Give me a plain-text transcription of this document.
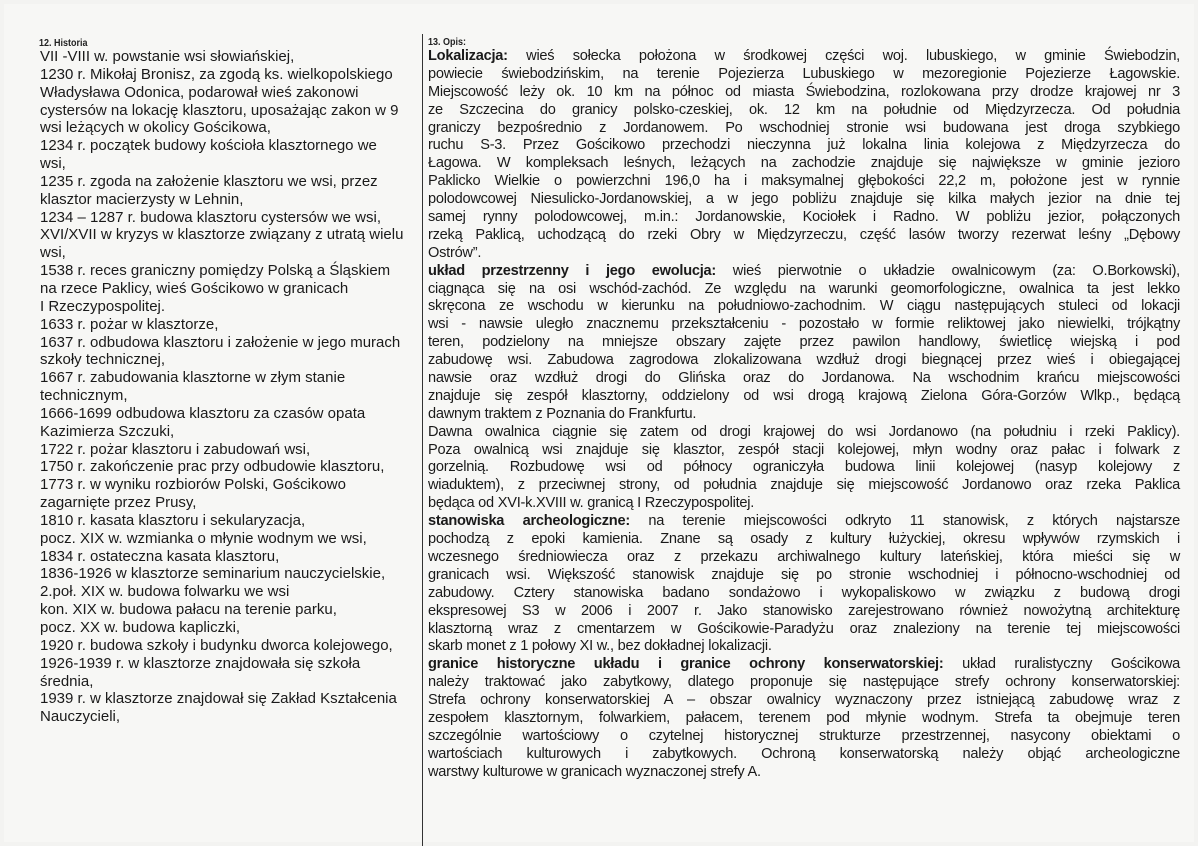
12. Historia	13. Opis:
VII -VIII w. powstanie wsi słowiańskiej,
1230 r. Mikołaj Bronisz, za zgodą ks. wielkopolskiego
Władysława Odonica, podarował wieś zakonowi
cystersów na lokację klasztoru, uposażając zakon w 9
wsi leżących w okolicy Gościkowa,
1234 r. początek budowy kościoła klasztornego we
wsi,
1235 r. zgoda na założenie klasztoru we wsi, przez
klasztor macierzysty w Lehnin,
1234 – 1287 r. budowa klasztoru cystersów we wsi,
XVI/XVII w kryzys w klasztorze związany z utratą wielu
wsi,
1538 r. reces graniczny pomiędzy Polską a Śląskiem
na rzece Paklicy, wieś Gościkowo w granicach
I Rzeczypospolitej.
1633 r. pożar w klasztorze,
1637 r. odbudowa klasztoru i założenie w jego murach
szkoły technicznej,
1667 r. zabudowania klasztorne w złym stanie
technicznym,
1666-1699 odbudowa klasztoru za czasów opata
Kazimierza Szczuki,
1722 r. pożar klasztoru i zabudowań wsi,
1750 r. zakończenie prac przy odbudowie klasztoru,
1773 r. w wyniku rozbiorów Polski, Gościkowo
zagarnięte przez Prusy,
1810 r. kasata klasztoru i sekularyzacja,
pocz. XIX w. wzmianka o młynie wodnym we wsi,
1834 r. ostateczna kasata klasztoru,
1836-1926 w klasztorze seminarium nauczycielskie,
2.poł. XIX w. budowa folwarku we wsi
kon. XIX w. budowa pałacu na terenie parku,
pocz. XX w. budowa kapliczki,
1920 r. budowa szkoły i budynku dworca kolejowego,
1926-1939 r. w klasztorze znajdowała się szkoła
średnia,
1939 r. w klasztorze znajdował się Zakład Kształcenia
Nauczycieli,
Lokalizacja: wieś sołecka położona w środkowej części woj. lubuskiego, w gminie Świebodzin,
powiecie świebodzińskim, na terenie Pojezierza Lubuskiego w mezoregionie Pojezierze Łagowskie.
Miejscowość leży ok. 10 km na północ od miasta Świebodzina, rozlokowana przy drodze krajowej nr 3
ze Szczecina do granicy polsko-czeskiej, ok. 12 km na południe od Międzyrzecza. Od południa
graniczy bezpośrednio z Jordanowem. Po wschodniej stronie wsi budowana jest droga szybkiego
ruchu S-3. Przez Gościkowo przechodzi nieczynna już lokalna linia kolejowa z Międzyrzecza do
Łagowa. W kompleksach leśnych, leżących na zachodzie znajduje się największe w gminie jezioro
Paklicko Wielkie o powierzchni 196,0 ha i maksymalnej głębokości 22,2 m, położone jest w rynnie
polodowcowej Niesulicko-Jordanowskiej, a w jego pobliżu znajduje się kilka małych jezior na dnie tej
samej rynny polodowcowej, m.in.: Jordanowskie, Kociołek i Radno. W pobliżu jezior, połączonych
rzeką Paklicą, uchodzącą do rzeki Obry w Międzyrzeczu, część lasów tworzy rezerwat leśny „Dębowy
Ostrów”.
układ przestrzenny i jego ewolucja: wieś pierwotnie o układzie owalnicowym (za: O.Borkowski),
ciągnąca się na osi wschód-zachód. Ze względu na warunki geomorfologiczne, owalnica ta jest lekko
skręcona ze wschodu w kierunku na południowo-zachodnim. W ciągu następujących stuleci od lokacji
wsi - nawsie uległo znacznemu przekształceniu - pozostało w formie reliktowej jako niewielki, trójkątny
teren, podzielony na mniejsze obszary zajęte przez pawilon handlowy, świetlicę wiejską i pod
zabudowę wsi. Zabudowa zagrodowa zlokalizowana wzdłuż drogi biegnącej przez wieś i obiegającej
nawsie oraz wzdłuż drogi do Glińska oraz do Jordanowa. Na wschodnim krańcu miejscowości
znajduje się zespół klasztorny, oddzielony od wsi drogą krajową Zielona Góra-Gorzów Wlkp., będącą
dawnym traktem z Poznania do Frankfurtu.
Dawna owalnica ciągnie się zatem od drogi krajowej do wsi Jordanowo (na południu i rzeki Paklicy).
Poza owalnicą wsi znajduje się klasztor, zespół stacji kolejowej, młyn wodny oraz pałac i folwark z
gorzelnią. Rozbudowę wsi od północy ograniczyła budowa linii kolejowej (nasyp kolejowy z
wiaduktem), z przeciwnej strony, od południa znajduje się miejscowość Jordanowo oraz rzeka Paklica
będąca od XVI-k.XVIII w. granicą I Rzeczypospolitej.
stanowiska archeologiczne: na terenie miejscowości odkryto 11 stanowisk, z których najstarsze
pochodzą z epoki kamienia. Znane są osady z kultury łużyckiej, okresu wpływów rzymskich i
wczesnego średniowiecza oraz z przekazu archiwalnego kultury lateńskiej, która mieści się w
granicach wsi. Większość stanowisk znajduje się po stronie wschodniej i północno-wschodniej od
zabudowy. Cztery stanowiska badano sondażowo i wykopaliskowo w związku z budową drogi
ekspresowej S3 w 2006 i 2007 r. Jako stanowisko zarejestrowano również nowożytną architekturę
klasztorną wraz z cmentarzem w Gościkowie-Paradyżu oraz znaleziony na terenie tej miejscowości
skarb monet z 1 połowy XI w., bez dokładnej lokalizacji.
granice historyczne układu i granice ochrony konserwatorskiej: układ ruralistyczny Gościkowa
należy traktować jako zabytkowy, dlatego proponuje się następujące strefy ochrony konserwatorskiej:
Strefa ochrony konserwatorskiej A – obszar owalnicy wyznaczony przez istniejącą zabudowę wraz z
zespołem klasztornym, folwarkiem, pałacem, terenem pod młynie wodnym. Strefa ta obejmuje teren
szczególnie wartościowy o czytelnej historycznej strukturze przestrzennej, nasycony obiektami o
wartościach kulturowych i zabytkowych. Ochroną konserwatorską należy objąć archeologiczne
warstwy kulturowe w granicach wyznaczonej strefy A.
